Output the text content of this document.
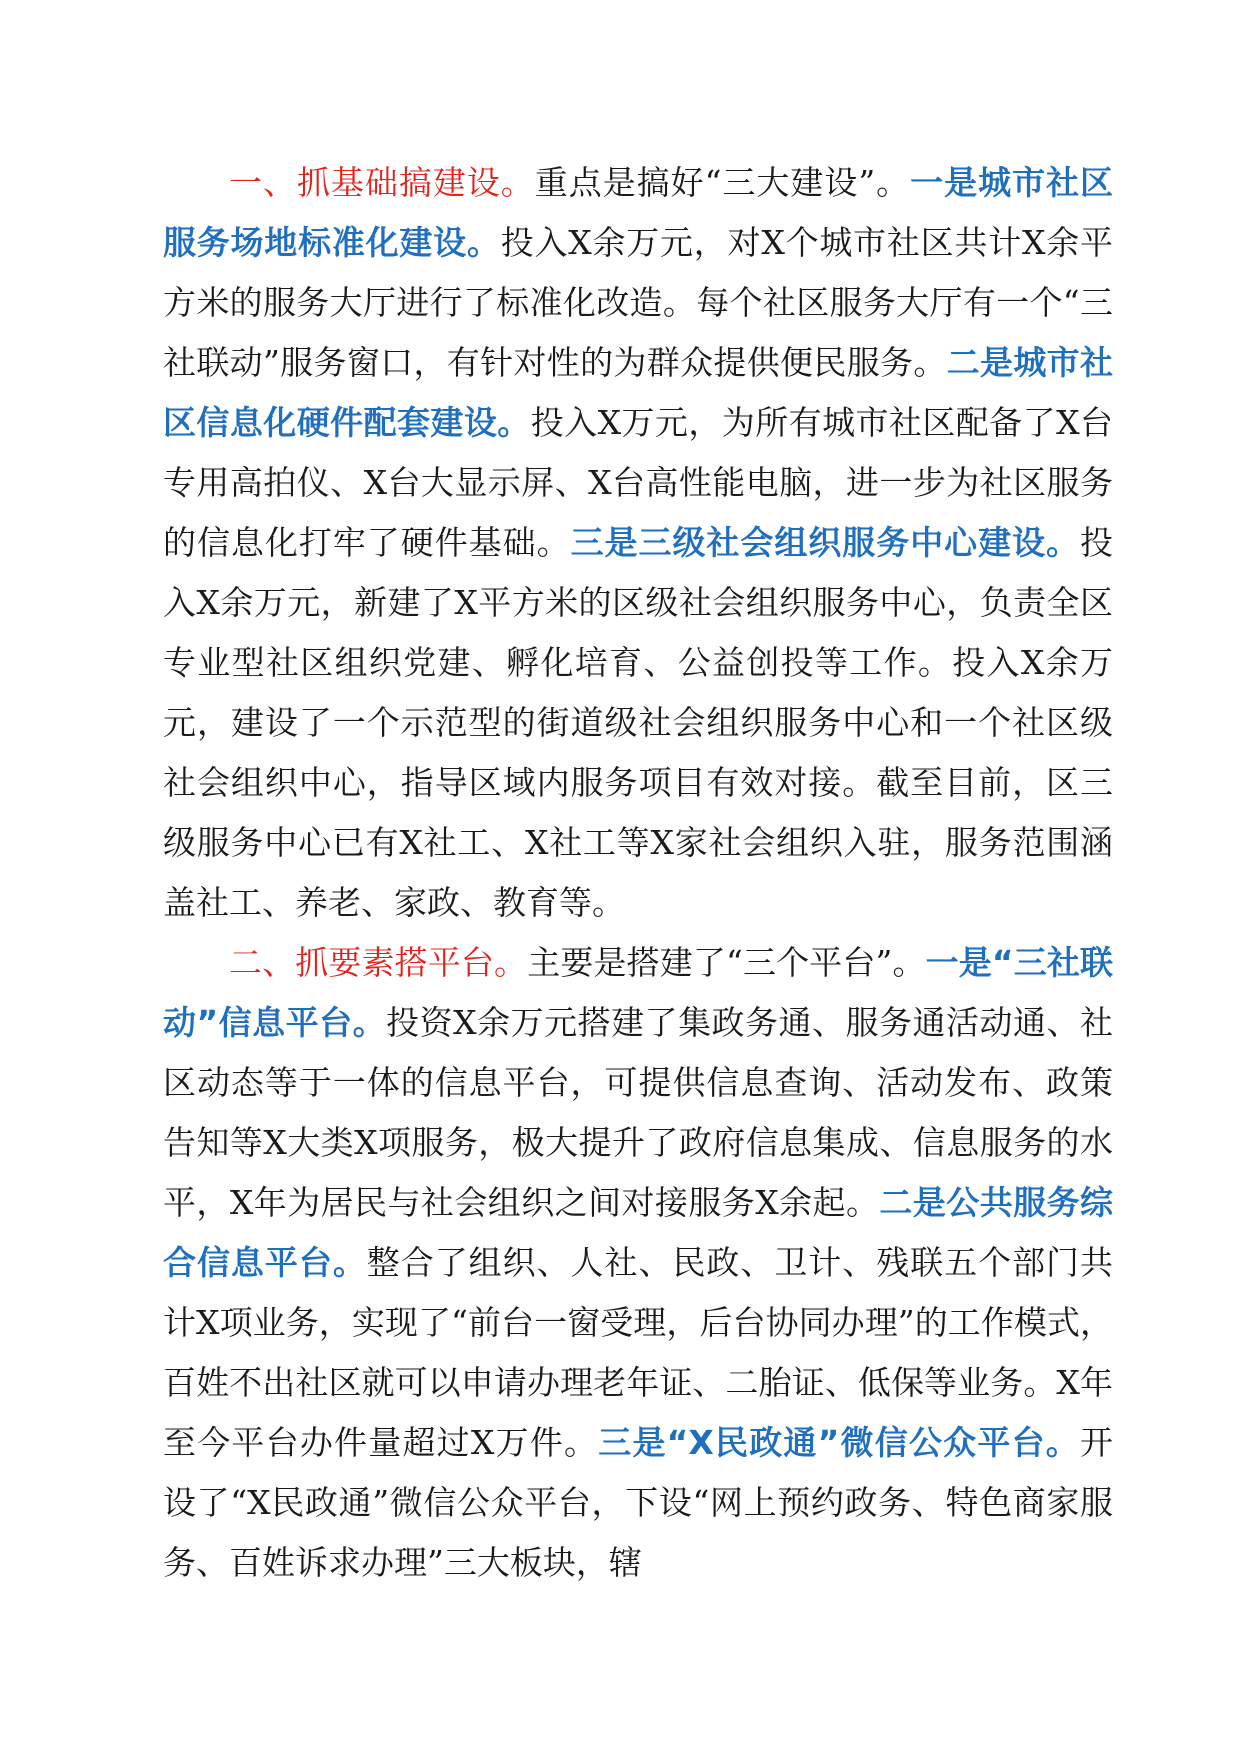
一、抓基础搞建设。重点是搞好“三大建设”。一是城市社区服务场地标准化建设。投入X余万元，对X个城市社区共计X余平方米的服务大厅进行了标准化改造。每个社区服务大厅有一个“三社联动”服务窗口，有针对性的为群众提供便民服务。二是城市社区信息化硬件配套建设。投入X万元，为所有城市社区配备了X台专用高拍仪、X台大显示屏、X台高性能电脑，进一步为社区服务的信息化打牢了硬件基础。三是三级社会组织服务中心建设。投入X余万元，新建了X平方米的区级社会组织服务中心，负责全区专业型社区组织党建、孵化培育、公益创投等工作。投入X余万元，建设了一个示范型的街道级社会组织服务中心和一个社区级社会组织中心，指导区域内服务项目有效对接。截至目前，区三级服务中心已有X社工、X社工等X家社会组织入驻，服务范围涵盖社工、养老、家政、教育等。

二、抓要素搭平台。主要是搭建了“三个平台”。一是“三社联动”信息平台。投资X余万元搭建了集政务通、服务通活动通、社区动态等于一体的信息平台，可提供信息查询、活动发布、政策告知等X大类X项服务，极大提升了政府信息集成、信息服务的水平，X年为居民与社会组织之间对接服务X余起。二是公共服务综合信息平台。整合了组织、人社、民政、卫计、残联五个部门共计X项业务，实现了“前台一窗受理，后台协同办理”的工作模式，百姓不出社区就可以申请办理老年证、二胎证、低保等业务。X年至今平台办件量超过X万件。三是“X民政通”微信公众平台。开设了“X民政通”微信公众平台，下设“网上预约政务、特色商家服务、百姓诉求办理”三大板块，辖
